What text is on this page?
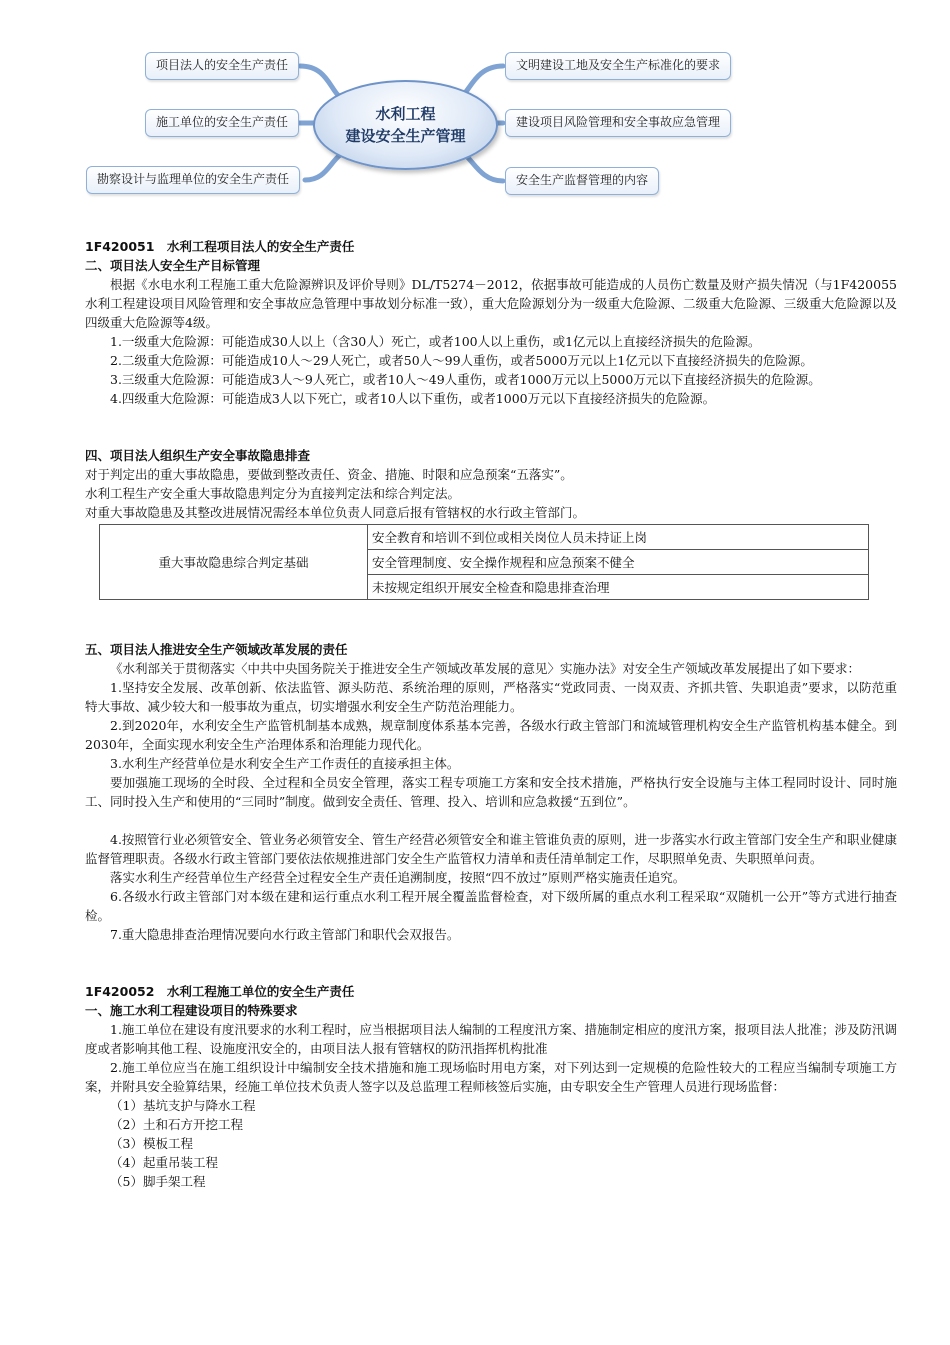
项目法人的安全生产责任
施工单位的安全生产责任
勘察设计与监理单位的安全生产责任
水利工程
建设安全生产管理
文明建设工地及安全生产标准化的要求
建设项目风险管理和安全事故应急管理
安全生产监督管理的内容

1F420051　水利工程项目法人的安全生产责任

二、项目法人安全生产目标管理

根据《水电水利工程施工重大危险源辨识及评价导则》DL/T5274－2012，依据事故可能造成的人员伤亡数量及财产损失情况（与1F420055水利工程建设项目风险管理和安全事故应急管理中事故划分标准一致），重大危险源划分为一级重大危险源、二级重大危险源、三级重大危险源以及四级重大危险源等4级。

1.一级重大危险源：可能造成30人以上（含30人）死亡，或者100人以上重伤，或1亿元以上直接经济损失的危险源。

2.二级重大危险源：可能造成10人～29人死亡，或者50人～99人重伤，或者5000万元以上1亿元以下直接经济损失的危险源。

3.三级重大危险源：可能造成3人～9人死亡，或者10人～49人重伤，或者1000万元以上5000万元以下直接经济损失的危险源。

4.四级重大危险源：可能造成3人以下死亡，或者10人以下重伤，或者1000万元以下直接经济损失的危险源。

四、项目法人组织生产安全事故隐患排查

对于判定出的重大事故隐患，要做到整改责任、资金、措施、时限和应急预案“五落实”。

水利工程生产安全重大事故隐患判定分为直接判定法和综合判定法。

对重大事故隐患及其整改进展情况需经本单位负责人同意后报有管辖权的水行政主管部门。

重大事故隐患综合判定基础	安全教育和培训不到位或相关岗位人员未持证上岗
安全管理制度、安全操作规程和应急预案不健全
未按规定组织开展安全检查和隐患排查治理

五、项目法人推进安全生产领域改革发展的责任

《水利部关于贯彻落实〈中共中央国务院关于推进安全生产领域改革发展的意见〉实施办法》对安全生产领域改革发展提出了如下要求：

1.坚持安全发展、改革创新、依法监管、源头防范、系统治理的原则，严格落实“党政同责、一岗双责、齐抓共管、失职追责”要求，以防范重特大事故、减少较大和一般事故为重点，切实增强水利安全生产防范治理能力。

2.到2020年，水利安全生产监管机制基本成熟，规章制度体系基本完善，各级水行政主管部门和流域管理机构安全生产监管机构基本健全。到2030年，全面实现水利安全生产治理体系和治理能力现代化。

3.水利生产经营单位是水利安全生产工作责任的直接承担主体。

要加强施工现场的全时段、全过程和全员安全管理，落实工程专项施工方案和安全技术措施，严格执行安全设施与主体工程同时设计、同时施工、同时投入生产和使用的“三同时”制度。做到安全责任、管理、投入、培训和应急救援“五到位”。

4.按照管行业必须管安全、管业务必须管安全、管生产经营必须管安全和谁主管谁负责的原则，进一步落实水行政主管部门安全生产和职业健康监督管理职责。各级水行政主管部门要依法依规推进部门安全生产监管权力清单和责任清单制定工作，尽职照单免责、失职照单问责。

落实水利生产经营单位生产经营全过程安全生产责任追溯制度，按照“四不放过”原则严格实施责任追究。

6.各级水行政主管部门对本级在建和运行重点水利工程开展全覆盖监督检查，对下级所属的重点水利工程采取“双随机一公开”等方式进行抽查检。

7.重大隐患排查治理情况要向水行政主管部门和职代会双报告。

1F420052　水利工程施工单位的安全生产责任

一、施工水利工程建设项目的特殊要求

1.施工单位在建设有度汛要求的水利工程时，应当根据项目法人编制的工程度汛方案、措施制定相应的度汛方案，报项目法人批准；涉及防汛调度或者影响其他工程、设施度汛安全的，由项目法人报有管辖权的防汛指挥机构批准

2.施工单位应当在施工组织设计中编制安全技术措施和施工现场临时用电方案，对下列达到一定规模的危险性较大的工程应当编制专项施工方案，并附具安全验算结果，经施工单位技术负责人签字以及总监理工程师核签后实施，由专职安全生产管理人员进行现场监督：

（1）基坑支护与降水工程

（2）土和石方开挖工程

（3）模板工程

（4）起重吊装工程

（5）脚手架工程
